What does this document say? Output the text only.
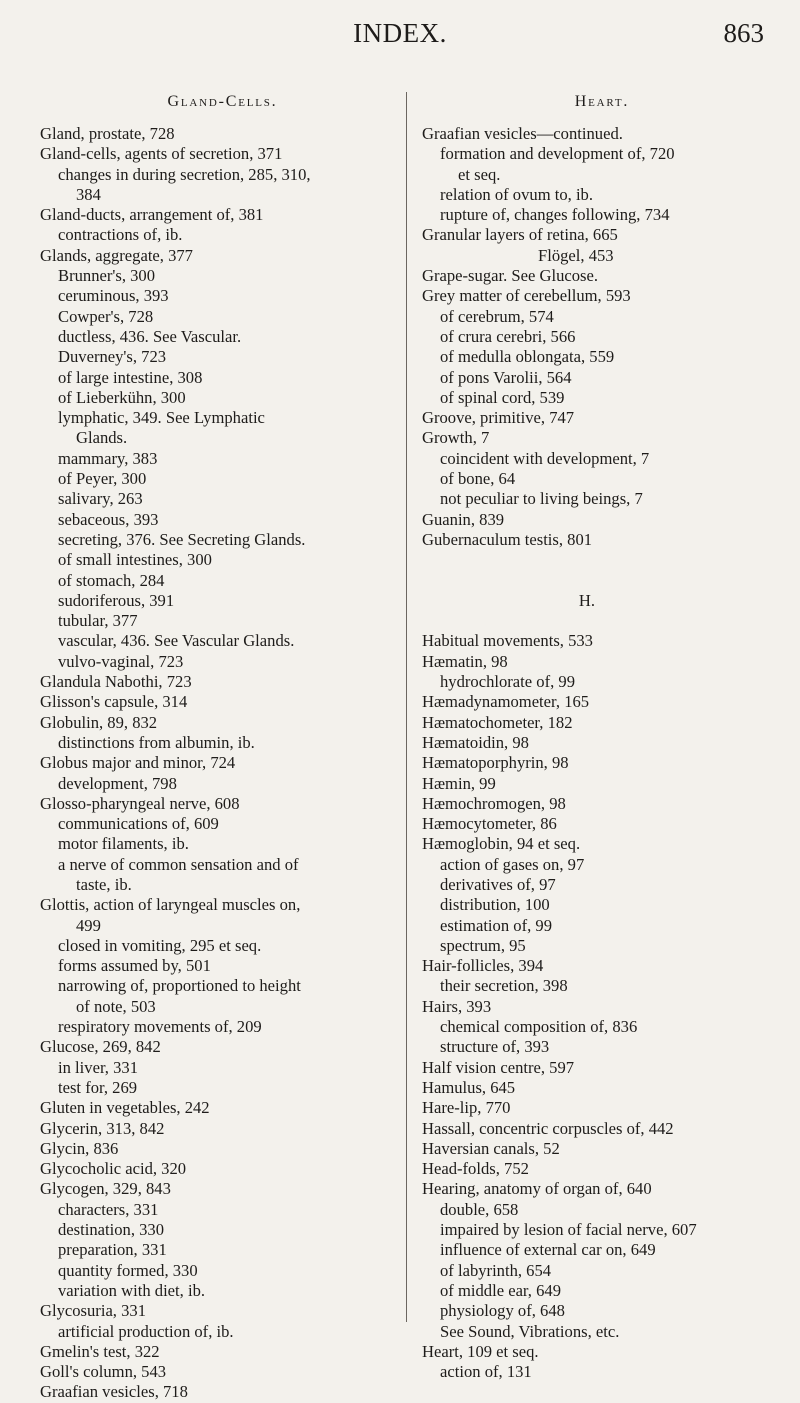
INDEX.	863
Gland-Cells.
Gland, prostate, 728
Gland-cells, agents of secretion, 371
changes in during secretion, 285, 310,
384
Gland-ducts, arrangement of, 381
contractions of, ib.
Glands, aggregate, 377
Brunner's, 300
ceruminous, 393
Cowper's, 728
ductless, 436. See Vascular.
Duverney's, 723
of large intestine, 308
of Lieberkühn, 300
lymphatic, 349. See Lymphatic
Glands.
mammary, 383
of Peyer, 300
salivary, 263
sebaceous, 393
secreting, 376. See Secreting Glands.
of small intestines, 300
of stomach, 284
sudoriferous, 391
tubular, 377
vascular, 436. See Vascular Glands.
vulvo-vaginal, 723
Glandula Nabothi, 723
Glisson's capsule, 314
Globulin, 89, 832
distinctions from albumin, ib.
Globus major and minor, 724
development, 798
Glosso-pharyngeal nerve, 608
communications of, 609
motor filaments, ib.
a nerve of common sensation and of
taste, ib.
Glottis, action of laryngeal muscles on,
499
closed in vomiting, 295 et seq.
forms assumed by, 501
narrowing of, proportioned to height
of note, 503
respiratory movements of, 209
Glucose, 269, 842
in liver, 331
test for, 269
Gluten in vegetables, 242
Glycerin, 313, 842
Glycin, 836
Glycocholic acid, 320
Glycogen, 329, 843
characters, 331
destination, 330
preparation, 331
quantity formed, 330
variation with diet, ib.
Glycosuria, 331
artificial production of, ib.
Gmelin's test, 322
Goll's column, 543
Graafian vesicles, 718
Heart.
Graafian vesicles—continued.
formation and development of, 720
et seq.
relation of ovum to, ib.
rupture of, changes following, 734
Granular layers of retina, 665
Flögel, 453
Grape-sugar. See Glucose.
Grey matter of cerebellum, 593
of cerebrum, 574
of crura cerebri, 566
of medulla oblongata, 559
of pons Varolii, 564
of spinal cord, 539
Groove, primitive, 747
Growth, 7
coincident with development, 7
of bone, 64
not peculiar to living beings, 7
Guanin, 839
Gubernaculum testis, 801
H.
Habitual movements, 533
Hæmatin, 98
hydrochlorate of, 99
Hæmadynamometer, 165
Hæmatochometer, 182
Hæmatoidin, 98
Hæmatoporphyrin, 98
Hæmin, 99
Hæmochromogen, 98
Hæmocytometer, 86
Hæmoglobin, 94 et seq.
action of gases on, 97
derivatives of, 97
distribution, 100
estimation of, 99
spectrum, 95
Hair-follicles, 394
their secretion, 398
Hairs, 393
chemical composition of, 836
structure of, 393
Half vision centre, 597
Hamulus, 645
Hare-lip, 770
Hassall, concentric corpuscles of, 442
Haversian canals, 52
Head-folds, 752
Hearing, anatomy of organ of, 640
double, 658
impaired by lesion of facial nerve, 607
influence of external car on, 649
of labyrinth, 654
of middle ear, 649
physiology of, 648
See Sound, Vibrations, etc.
Heart, 109 et seq.
action of, 131
